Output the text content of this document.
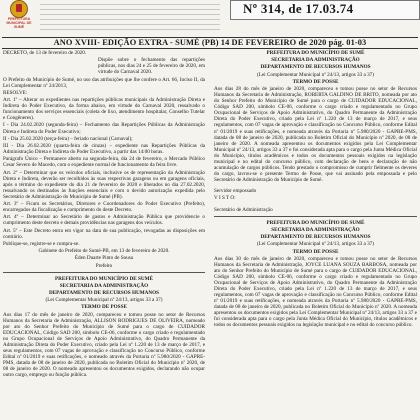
PREFEITURA MUNICIPAL DE SUMÉ
Nº 314, de 17.03.74
ANO XVIII- EDIÇÃO EXTRA - SUMÉ (PB) 14 DE FEVEREIRO de 2020 pág. 01-03

DECRETO, de 13 de fevereiro de 2020.

Dispõe sobre o fechamento das repartições públicas, nos dias 24 e 25 de fevereiro de 2020, em virtude do Carnaval 2020.

O Prefeito do Município de Sumé, no uso das atribuições que lhe confere o Art. 66, Inciso II, da Lei Complementar nº 24/2013,

RESOLVE:

Art. 1º – Alterar os expedientes nas repartições públicas municipais da Administração Direta e Indireta do Poder Executivo, da forma abaixo, em virtude do Carnaval 2020, ressalvado o funcionamento dos serviços essenciais (coleta de lixo, atendimento hospitalar, Conselho Tutelar e Congêneres).

I - Dia 24.02.2020 (segunda-feira) – Fechamento das Repartições Públicas da Administração Direta e Indireta do Poder Executivo;

II - Dia 25.02.2020 (terça-feira) – feriado nacional (Carnaval);

III - Dia 26.02.2020 (quarta-feira de cinzas) – expediente nas Repartições Públicas da Administração Direta e Indireta do Poder Executivo, a partir das 14:00 horas.

Parágrafo Único – Permanece aberto na segunda-feira, dia 24 de fevereiro, o Mercado Público Cesar Severo de Macedo, com o expediente normal de funcionamento da feira livre.

Art. 2º – Determinar que os veículos oficiais, inclusive os de representação da Administração Direta e Indireta, deverão ser recolhidos às suas respectivas garagens ou em garagens oficiais, após o término do expediente do dia 21 de fevereiro de 2020 e liberados no dia 27.02.2020, ressalvando os destinados às funções essenciais e com o devido autorização expedida pelo Secretário de Administração do Município de Sumé (PB).

Art. 3º – Ficam os Secretários, Diretores e Coordenadores do Poder Executivo (Prefeito), encarregados da fiscalização e cumprimento do deste Decreto.

Art. 4º – Determinar ao Secretário de gastos e Administração Pública que providencie o cumprimento deste decreto e demais providências nas garagens dos veículos.

Art. 5º – Este Decreto entra em vigor na data de sua publicação, revogadas as disposições em contrário.

Publique-se, registre-se e cumpra-se.

Gabinete do Prefeito de Sumé-PB, em 13 de fevereiro de 2020.

Éden Duarte Pinto de Sousa

Prefeito

PREFEITURA DO MUNICÍPIO DE SUMÉ

SECRETARIA DA ADMINISTRAÇÃO

DEPARTAMENTO DE RECURSOS HUMANOS

(Lei Complementar Municipal nº 24/13, artigos 33 a 37)

TERMO DE POSSE

Aos dias 17 do mês de janeiro de 2020, compareceu e tomou posse no setor de Recursos Humanos da Secretaria de Administração, ALLISON RODRIGUES DE OLIVEIRA, nomeado por ato do Senhor Prefeito do Município de Sumé para o cargo de CUIDADOR EDUCACIONAL, Código SAD 200, símbolo CE-06, conforme o cargo criado e regulamentado no Grupo Ocupacional de Serviços de Apoio Administrativo, do Quadro Permanente da Administração Direta do Poder Executivo, criado pela Lei nº 1.220 de 13 de março de 2017, e seus regulamentos, com 07 vagas de aprovação e classificação no Concurso Público, conforme Edital nº 01/2019 e suas retificações, e nomeado através da Portaria nº 5.980/2020 - GAPRE-PMS, datada de 08 de janeiro de 2020, publicada no Boletim Oficial do Município nº 2020, de 08 de janeiro de 2020. O nomeado apresentou os documentos exigidos, declarando não ocupar outro cargo, emprego ou função pública.

PREFEITURA DO MUNICÍPIO DE SUMÉ

SECRETARIA DA ADMINISTRAÇÃO

DEPARTAMENTO DE RECURSOS HUMANOS

(Lei Complementar Municipal nº 24/13, artigos 33 a 37)

TERMO DE POSSE

Aos dias 28 do mês de janeiro de 2020, compareceu e tomou posse no setor de Recursos Humanos da Secretaria de Administração, ROBERTA GALDINO DE BRITO, nomeada por ato do Senhor Prefeito do Município de Sumé para o cargo de CUIDADOR EDUCACIONAL, Código SAD 200, símbolo CE-06, conforme o cargo criado e regulamentado no Grupo Ocupacional de Serviços de Apoio Administrativo, do Quadro Permanente da Administração Direta do Poder Executivo, criado pela Lei nº 1.220 de 13 de março de 2017, e seus regulamentos, com 07 vagas de aprovação e classificação no Concurso Público, conforme Edital nº 01/2019 e suas retificações, e nomeada através da Portaria nº 5.980/2020 - GAPRE-PMS, datada de 08 de janeiro de 2020, publicada no Boletim Oficial do Município nº 2020, de 08 de janeiro de 2020. A nomeada apresentou os documentos exigidos pela Lei Complementar Municipal nº 24/13, artigos 33 a 37 e foi considerada apta para o cargo pela Junta Médica Oficial do Município, títulos acadêmicos e todos os documentos pessoais exigidos na legislação municipal e no edital do concurso público, com declaração de bens e declaração de não acumulação de cargos públicos. Tendo prestado o compromisso de cumprir fielmente os deveres do cargo, lavrou-se o presente Termo de Posse, que vai assinado pela empossada e pelo Secretário de Administração do Município de Sumé.

Servidor empossado

V I S T O:

Secretário de Administração

PREFEITURA DO MUNICÍPIO DE SUMÉ

SECRETARIA DA ADMINISTRAÇÃO

DEPARTAMENTO DE RECURSOS HUMANOS

(Lei Complementar Municipal nº 24/13, artigos 33 a 37)

TERMO DE POSSE

Aos dias 30 do mês de janeiro de 2020, compareceu e tomou posse no setor de Recursos Humanos da Secretaria de Administração, JOYCE LUANA SOUZA BARBOSA, nomeada por ato do Senhor Prefeito do Município de Sumé para o cargo de CUIDADOR EDUCACIONAL, Código SAD 200, símbolo CE-06, conforme o cargo criado e regulamentado no Grupo Ocupacional de Serviços de Apoio Administrativo, do Quadro Permanente da Administração Direta do Poder Executivo, criado pela Lei nº 1.220 de 13 de março de 2017, e seus regulamentos, com 07 vagas de aprovação e classificação no Concurso Público, conforme Edital nº 01/2019 e suas retificações, e nomeada através da Portaria nº 5.980/2020 - GAPRE-PMS, datada de 08 de janeiro de 2020, publicada no Boletim Oficial do Município nº 2020. A nomeada apresentou os documentos exigidos pela Lei Complementar Municipal nº 24/13, artigos 33 a 37 e foi considerada apta para o cargo pela Junta Médica Oficial do Município, títulos acadêmicos e todos os documentos pessoais exigidos na legislação municipal e no edital do concurso público.
